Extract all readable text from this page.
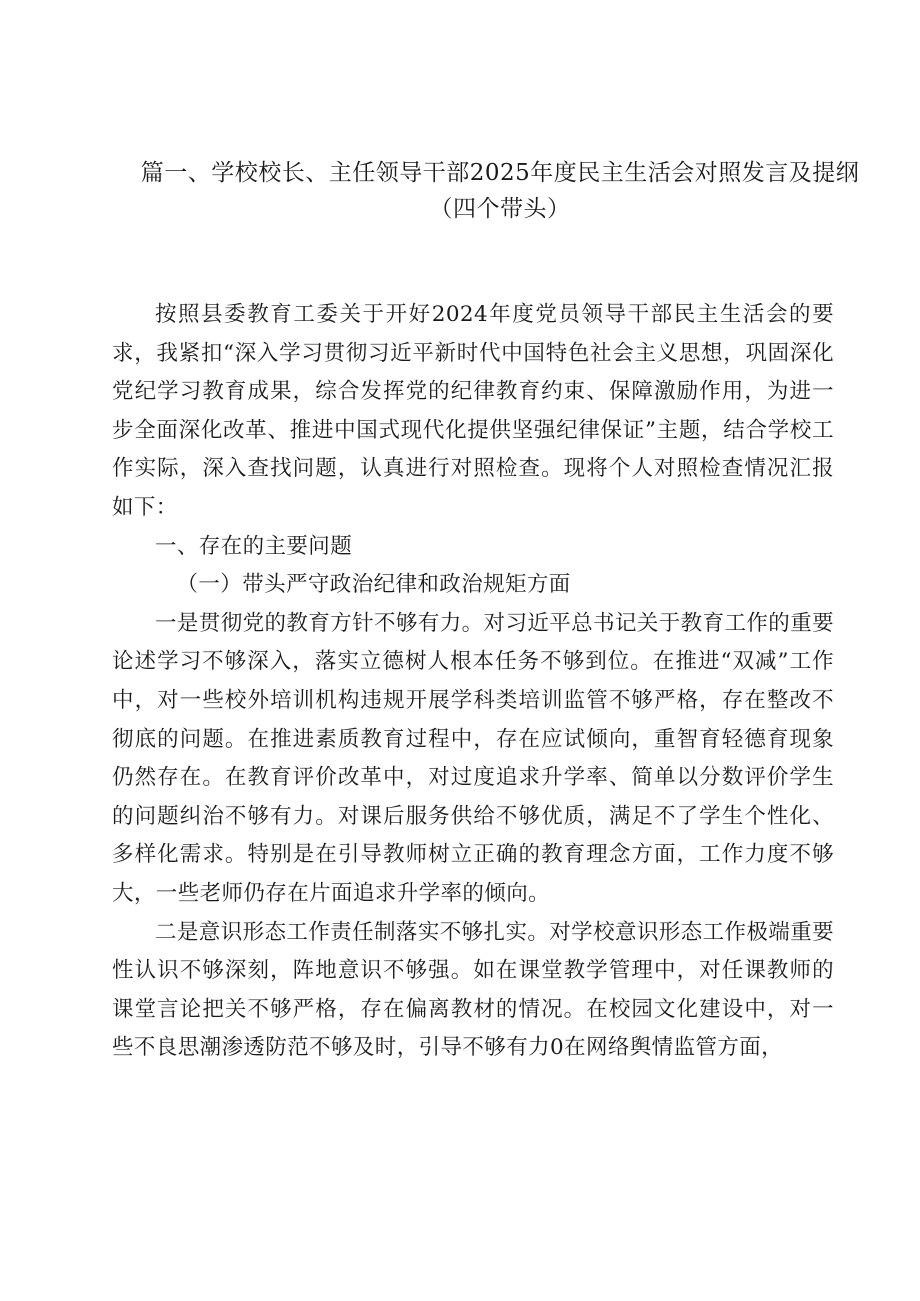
篇一、学校校长、主任领导干部2025年度民主生活会对照发言及提纲（四个带头）

按照县委教育工委关于开好2024年度党员领导干部民主生活会的要求，我紧扣“深入学习贯彻习近平新时代中国特色社会主义思想，巩固深化党纪学习教育成果，综合发挥党的纪律教育约束、保障激励作用，为进一步全面深化改革、推进中国式现代化提供坚强纪律保证”主题，结合学校工作实际，深入查找问题，认真进行对照检查。现将个人对照检查情况汇报如下：

一、存在的主要问题

（一）带头严守政治纪律和政治规矩方面

一是贯彻党的教育方针不够有力。对习近平总书记关于教育工作的重要论述学习不够深入，落实立德树人根本任务不够到位。在推进“双减”工作中，对一些校外培训机构违规开展学科类培训监管不够严格，存在整改不彻底的问题。在推进素质教育过程中，存在应试倾向，重智育轻德育现象仍然存在。在教育评价改革中，对过度追求升学率、简单以分数评价学生的问题纠治不够有力。对课后服务供给不够优质，满足不了学生个性化、多样化需求。特别是在引导教师树立正确的教育理念方面，工作力度不够大，一些老师仍存在片面追求升学率的倾向。

二是意识形态工作责任制落实不够扎实。对学校意识形态工作极端重要性认识不够深刻，阵地意识不够强。如在课堂教学管理中，对任课教师的课堂言论把关不够严格，存在偏离教材的情况。在校园文化建设中，对一些不良思潮渗透防范不够及时，引导不够有力0在网络舆情监管方面，
